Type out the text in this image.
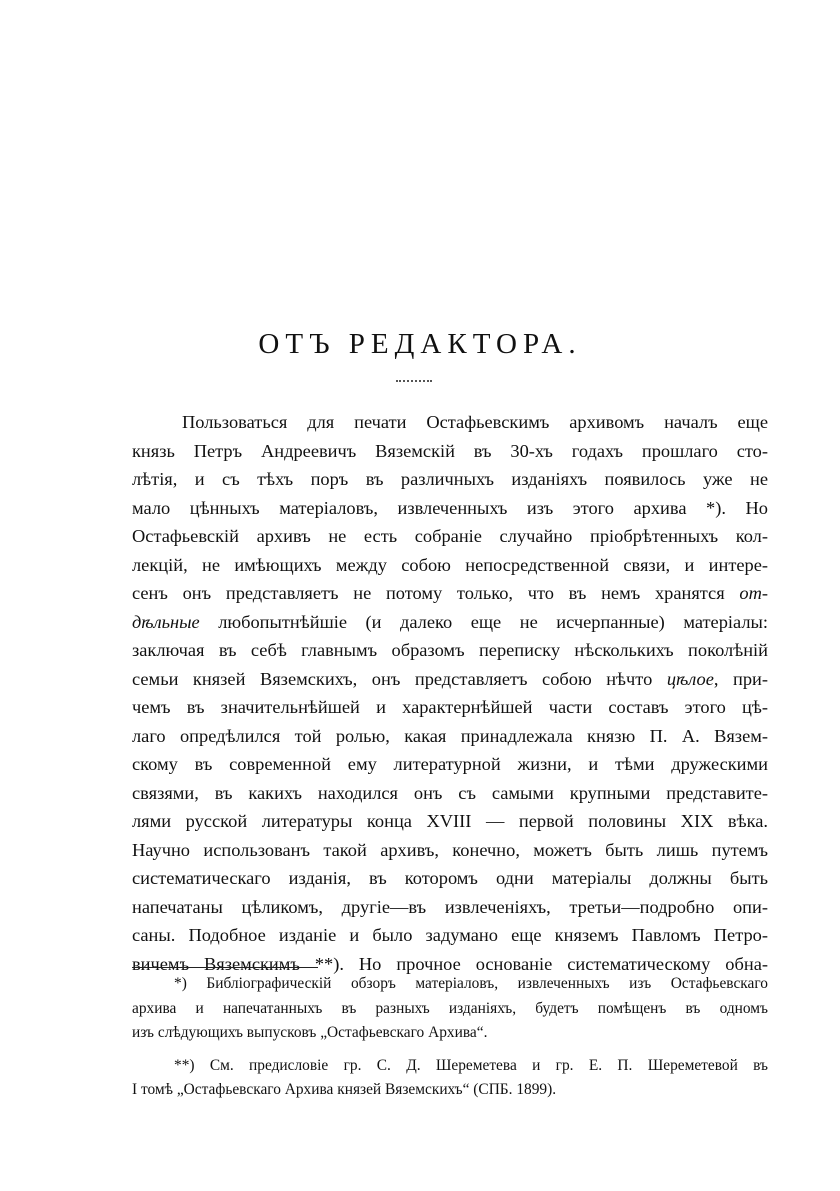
ОТЪ РЕДАКТОРА.
Пользоваться для печати Остафьевскимъ архивомъ началъ еще
князь Петръ Андреевичъ Вяземскій въ 30-хъ годахъ прошлаго сто-
лѣтія, и съ тѣхъ поръ въ различныхъ изданіяхъ появилось уже не
мало цѣнныхъ матеріаловъ, извлеченныхъ изъ этого архива *). Но
Остафьевскій архивъ не есть собраніе случайно пріобрѣтенныхъ кол-
лекцій, не имѣющихъ между собою непосредственной связи, и интере-
сенъ онъ представляетъ не потому только, что въ немъ хранятся от-
дѣльные любопытнѣйшіе (и далеко еще не исчерпанные) матеріалы:
заключая въ себѣ главнымъ образомъ переписку нѣсколькихъ поколѣній
семьи князей Вяземскихъ, онъ представляетъ собою нѣчто цѣлое, при-
чемъ въ значительнѣйшей и характернѣйшей части составъ этого цѣ-
лаго опредѣлился той ролью, какая принадлежала князю П. А. Вязем-
скому въ современной ему литературной жизни, и тѣми дружескими
связями, въ какихъ находился онъ съ самыми крупными представите-
лями русской литературы конца XVIII — первой половины XIX вѣка.
Научно использованъ такой архивъ, конечно, можетъ быть лишь путемъ
систематическаго изданія, въ которомъ одни матеріалы должны быть
напечатаны цѣликомъ, другіе—въ извлеченіяхъ, третьи—подробно опи-
саны. Подобное изданіе и было задумано еще княземъ Павломъ Петро-
вичемъ Вяземскимъ **). Но прочное основаніе систематическому обна-
*) Библіографическій обзоръ матеріаловъ, извлеченныхъ изъ Остафьевскаго
архива и напечатанныхъ въ разныхъ изданіяхъ, будетъ помѣщенъ въ одномъ
изъ слѣдующихъ выпусковъ „Остафьевскаго Архива“.
**) См. предисловіе гр. С. Д. Шереметева и гр. Е. П. Шереметевой въ
I томѣ „Остафьевскаго Архива князей Вяземскихъ“ (СПБ. 1899).
